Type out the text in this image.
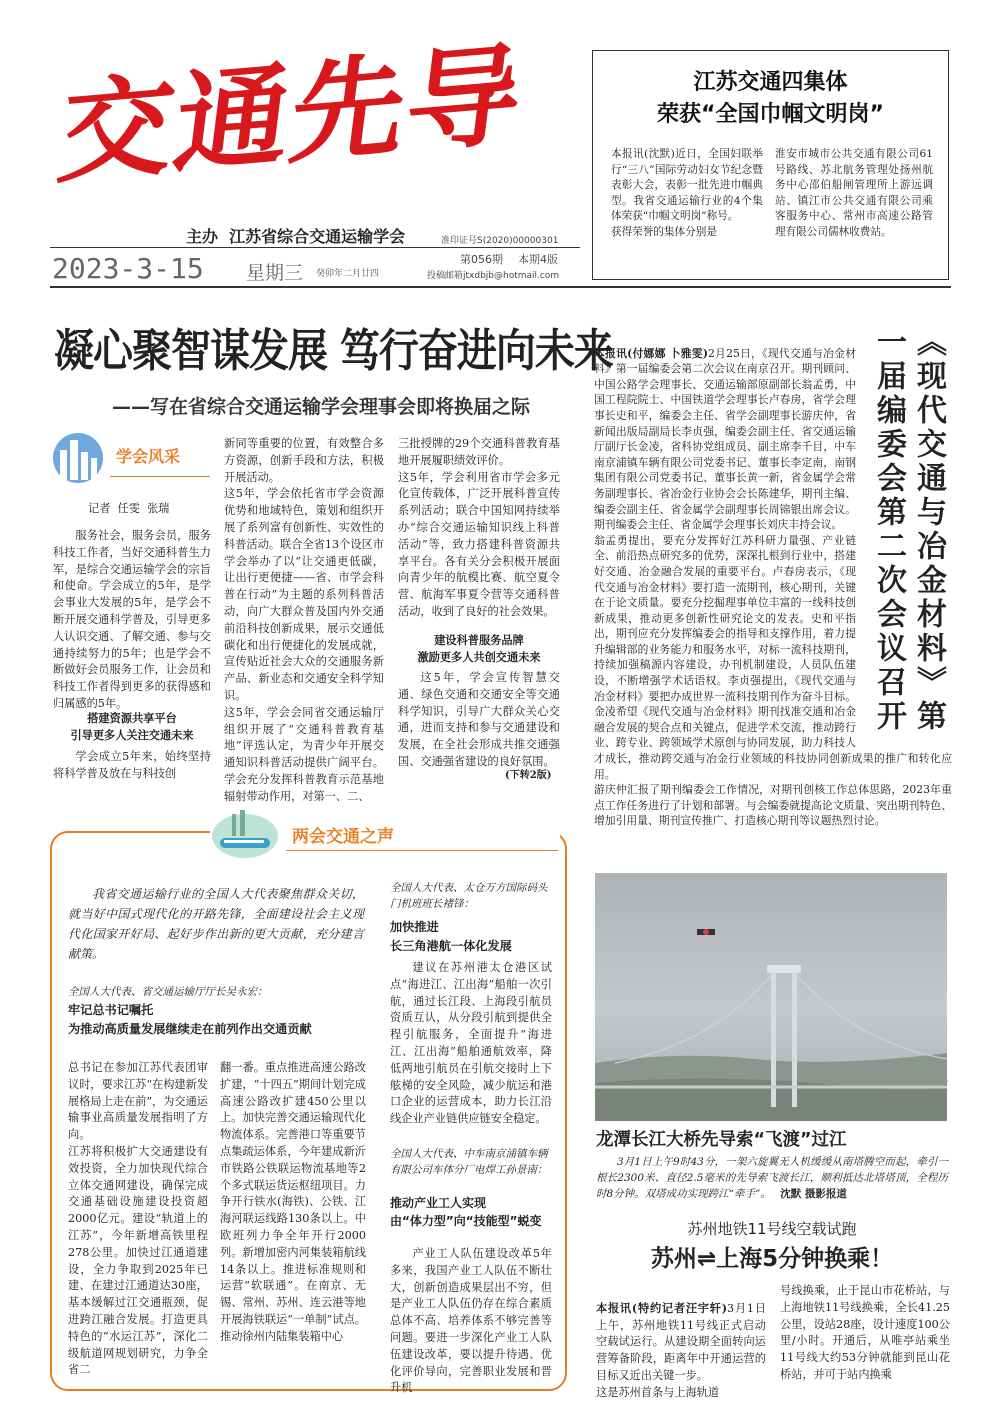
交通先导
主办  江苏省综合交通运输学会	准印证号S(2020)00000301
2023-3-15 星期三 癸卯年二月廿四
第056期 本期4版
投稿邮箱jtxdbjb@hotmail.com
江苏交通四集体
荣获“全国巾帼文明岗”
本报讯(沈默)近日，全国妇联举行“三八”国际劳动妇女节纪念暨表彰大会，表彰一批先进巾帼典型。我省交通运输行业的4个集体荣获“巾帼文明岗”称号。
获得荣誉的集体分别是
淮安市城市公共交通有限公司61号路线、苏北航务管理处扬州航务中心邵伯船闸管理所上游远调站、镇江市公共交通有限公司乘客服务中心、常州市高速公路管理有限公司儒林收费站。
凝心聚智谋发展 笃行奋进向未来
——写在省综合交通运输学会理事会即将换届之际
学会风采
记者  任雯  张瑞

服务社会，服务会员，服务科技工作者，当好交通科普生力军，是综合交通运输学会的宗旨和使命。学会成立的5年，是学会事业大发展的5年，是学会不断开展交通科学普及，引导更多人认识交通、了解交通、参与交通持续努力的5年；也是学会不断做好会员服务工作，让会员和科技工作者得到更多的获得感和归属感的5年。

搭建资源共享平台
引导更多人关注交通未来

学会成立5年来，始终坚持将科学普及放在与科技创

新同等重要的位置，有效整合多方资源，创新手段和方法，积极开展活动。
这5年，学会依托省市学会资源优势和地域特色，策划和组织开展了系列富有创新性、实效性的科普活动。联合全省13个设区市学会举办了以“让交通更低碳，让出行更便捷——省、市学会科普在行动”为主题的系列科普活动，向广大群众普及国内外交通前沿科技创新成果，展示交通低碳化和出行便捷化的发展成就，宣传贴近社会大众的交通服务新产品、新业态和交通安全科学知识。
这5年，学会会同省交通运输厅组织开展了“交通科普教育基地”评选认定，为青少年开展交通知识科普活动提供广阔平台。学会充分发挥科普教育示范基地辐射带动作用，对第一、二、
三批授牌的29个交通科普教育基地开展履职绩效评价。
这5年，学会利用省市学会多元化宣传载体，广泛开展科普宣传系列活动；联合中国知网持续举办“综合交通运输知识线上科普活动”等，致力搭建科普资源共享平台。各有关分会积极开展面向青少年的航模比赛、航空夏令营、航海军事夏令营等交通科普活动，收到了良好的社会效果。
建设科普服务品牌
激励更多人共创交通未来

这5年，学会宣传智慧交通、绿色交通和交通安全等交通科学知识，引导广大群众关心交通，进而支持和参与交通建设和发展，在全社会形成共推交通强国、交通强省建设的良好氛围。

(下转2版)
《现代交通与冶金材料》第一届编委会第二次会议召开

本报讯(付娜娜 卜雅雯)2月25日，《现代交通与冶金材料》第一届编委会第二次会议在南京召开。期刊顾问、中国公路学会理事长、交通运输部原副部长翁孟勇，中国工程院院士、中国铁道学会理事长卢春房，省学会理事长史和平，编委会主任、省学会副理事长游庆仲，省新闻出版局副局长李贞强，编委会副主任、省交通运输厅副厅长金凌，省科协党组成员、副主席李千目，中车南京浦镇车辆有限公司党委书记、董事长李定南，南钢集团有限公司党委书记、董事长黄一新，省金属学会常务副理事长、省冶金行业协会会长陈建华，期刊主编、编委会副主任、省金属学会副理事长周锦银出席会议。期刊编委会主任、省金属学会理事长刘庆丰持会议。
翁孟勇提出，要充分发挥好江苏科研力量强、产业链全、前沿热点研究多的优势，深深扎根到行业中，搭建好交通、冶金融合发展的重要平台。卢春房表示，《现代交通与冶金材料》要打造一流期刊，核心期刊，关键在于论文质量。要充分挖掘理事单位丰富的一线科技创新成果，推动更多创新性研究论文的发表。史和平指出，期刊应充分发挥编委会的指导和支撑作用，着力提升编辑部的业务能力和服务水平，对标一流科技期刊，持续加强稿源内容建设，办刊机制建设，人员队伍建设，不断增强学术话语权。李贞强提出，《现代交通与冶金材料》要把办成世界一流科技期刊作为奋斗目标。金凌希望《现代交通与冶金材料》期刊找准交通和冶金融合发展的契合点和关键点，促进学术交流，推动跨行业、跨专业、跨领域学术原创与协同发展，助力科技人才成长，推动跨交通与冶金行业领域的科技协同创新成果的推广和转化应用。
游庆仲汇报了期刊编委会工作情况，对期刊创核工作总体思路，2023年重点工作任务进行了计划和部署。与会编委就提高论文质量、突出期刊特色、增加引用量、期刊宣传推广、打造核心期刊等议题热烈讨论。

两会交通之声
我省交通运输行业的全国人大代表聚焦群众关切，就当好中国式现代化的开路先锋，全面建设社会主义现代化国家开好局、起好步作出新的更大贡献，充分建言献策。
全国人大代表、省交通运输厅厅长吴永宏：
牢记总书记嘱托
为推动高质量发展继续走在前列作出交通贡献
总书记在参加江苏代表团审议时，要求江苏“在构建新发展格局上走在前”，为交通运输事业高质量发展指明了方向。
江苏将积极扩大交通建设有效投资，全力加快现代综合立体交通网建设，确保完成交通基础设施建设投资超2000亿元。建设“轨道上的江苏”，今年新增高铁里程278公里。加快过江通道建设，全力争取到2025年已建、在建过江通道达30座，基本缓解过江交通瓶颈，促进跨江融合发展。打造更具特色的“水运江苏”，深化二级航道网规划研究，力争全省二

翻一番。重点推进高速公路改扩建，“十四五”期间计划完成高速公路改扩建450公里以上。加快完善交通运输现代化物流体系。完善港口等重要节点集疏运体系，今年建成新沂市铁路公铁联运物流基地等2个多式联运货运枢纽项目。力争开行铁水(海铁)、公铁、江海河联运线路130条以上。中欧班列力争全年开行2000列。新增加密内河集装箱航线14条以上。推进标准规则和运营“软联通”。在南京、无锡、常州、苏州、连云港等地开展海铁联运“一单制”试点。推动徐州内陆集装箱中心

全国人大代表、太仓万方国际码头门机班班长褚锋：
加快推进
长三角港航一体化发展

建议在苏州港太仓港区试点“海进江、江出海”船舶一次引航，通过长江段、上海段引航员资质互认，从分段引航到提供全程引航服务，全面提升“海进江、江出海”船舶通航效率，降低两地引航员在引航交接时上下舷梯的安全风险，减少航运和港口企业的运营成本，助力长江沿线企业产业链供应链安全稳定。

全国人大代表、中车南京浦镇车辆有限公司车体分厂电焊工孙景南：
推动产业工人实现
由“体力型”向“技能型”蜕变

产业工人队伍建设改革5年多来，我国产业工人队伍不断壮大，创新创造成果层出不穷，但是产业工人队伍仍存在综合素质总体不高、培养体系不够完善等问题。要进一步深化产业工人队伍建设改革，要以提升待遇、优化评价导向，完善职业发展和晋升机

龙潭长江大桥先导索“飞渡”过江
3月1日上午9时43分，一架六旋翼无人机缓缓从南塔腾空而起，牵引一根长2300米、直径2.5毫米的先导索飞渡长江，顺利抵达北塔塔顶，全程历时8分钟。双塔成功实现跨江“牵手”。 沈默 摄影报道
苏州地铁11号线空载试跑
苏州⇌上海5分钟换乘！

本报讯(特约记者汪宇轩)3月1日上午，苏州地铁11号线正式启动空载试运行。从建设期全面转向运营筹备阶段，距离年中开通运营的目标又近出关键一步。
这是苏州首条与上海轨道

号线换乘，止于昆山市花桥站，与上海地铁11号线换乘，全长41.25公里，设站28座，设计速度100公里/小时。开通后，从唯亭站乘坐11号线大约53分钟就能到昆山花桥站，并可于站内换乘
